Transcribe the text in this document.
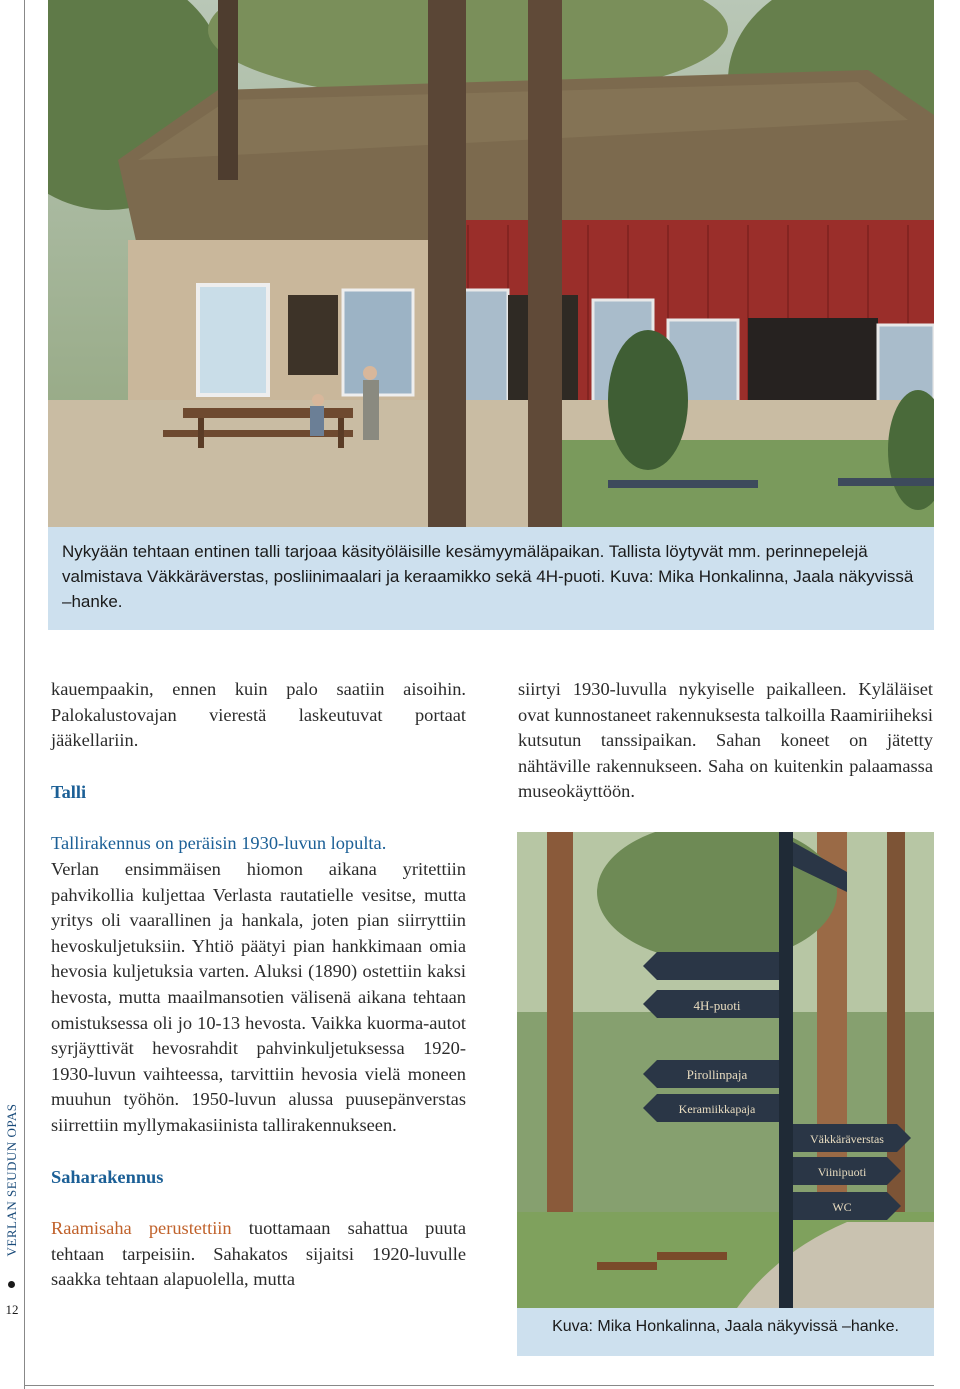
Nykyään tehtaan entinen talli tarjoaa käsityöläisille kesämyymäläpaikan. Tallista löytyvät mm. perinnepelejä valmistava Väkkäräverstas, posliinimaalari ja keraamikko sekä 4H-puoti. Kuva: Mika Honkalinna, Jaala näkyvissä –hanke.
VERLAN SEUDUN OPAS
12

kauempaakin, ennen kuin palo saatiin aisoihin. Palokalustovajan vierestä laskeutuvat portaat jääkellariin.

Talli

Tallirakennus on peräisin 1930-luvun lopulta.
Verlan ensimmäisen hiomon aikana yritettiin pahvikollia kuljettaa Verlasta rautatielle vesitse, mutta yritys oli vaarallinen ja hankala, joten pian siirryttiin hevoskuljetuksiin. Yhtiö päätyi pian hankkimaan omia hevosia kuljetuksia varten. Aluksi (1890) ostettiin kaksi hevosta, mutta maailmansotien välisenä aikana tehtaan omistuksessa oli jo 10-13 hevosta. Vaikka kuorma-autot syrjäyttivät hevosrahdit pahvinkuljetuksessa 1920-1930-luvun vaihteessa, tarvittiin hevosia vielä moneen muuhun työhön. 1950-luvun alussa puusepänverstas siirrettiin myllymakasiinista tallirakennukseen.

Saharakennus

Raamisaha perustettiin tuottamaan sahattua puuta tehtaan tarpeisiin. Sahakatos sijaitsi 1920-luvulle saakka tehtaan alapuolella, mutta

siirtyi 1930-luvulla nykyiselle paikalleen. Kyläläiset ovat kunnostaneet rakennuksesta talkoilla Raamiriiheksi kutsutun tanssipaikan. Sahan koneet on jätetty nähtäville rakennukseen. Saha on kuitenkin palaamassa museokäyttöön.

4H-puoti
Pirollinpaja
Keramiikkapaja
Väkkäräverstas
Viinipuoti
WC
Kuva: Mika Honkalinna, Jaala näkyvissä –hanke.
